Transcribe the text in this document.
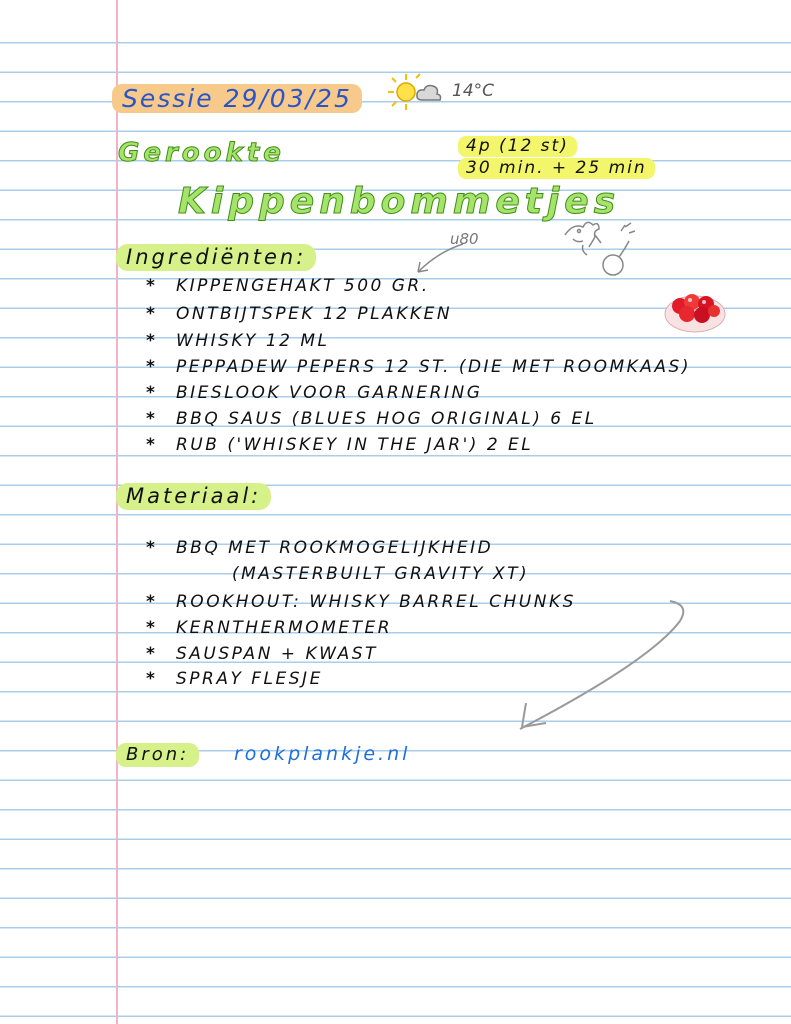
Sessie 29/03/25	14°C
Gerookte
Kippenbommetjes
4p (12 st)
30 min. + 25 min
Ingrediënten:
u80
* KIPPENGEHAKT 500 GR.
* ONTBIJTSPEK 12 PLAKKEN
* WHISKY 12 ML
* PEPPADEW PEPERS 12 ST. (DIE MET ROOMKAAS)
* BIESLOOK VOOR GARNERING
* BBQ SAUS (BLUES HOG ORIGINAL) 6 EL
* RUB ('WHISKEY IN THE JAR') 2 EL
Materiaal:
* BBQ MET ROOKMOGELIJKHEID
(MASTERBUILT GRAVITY XT)
* ROOKHOUT: WHISKY BARREL CHUNKS
* KERNTHERMOMETER
* SAUSPAN + KWAST
* SPRAY FLESJE
Bron:	rookplankje.nl
